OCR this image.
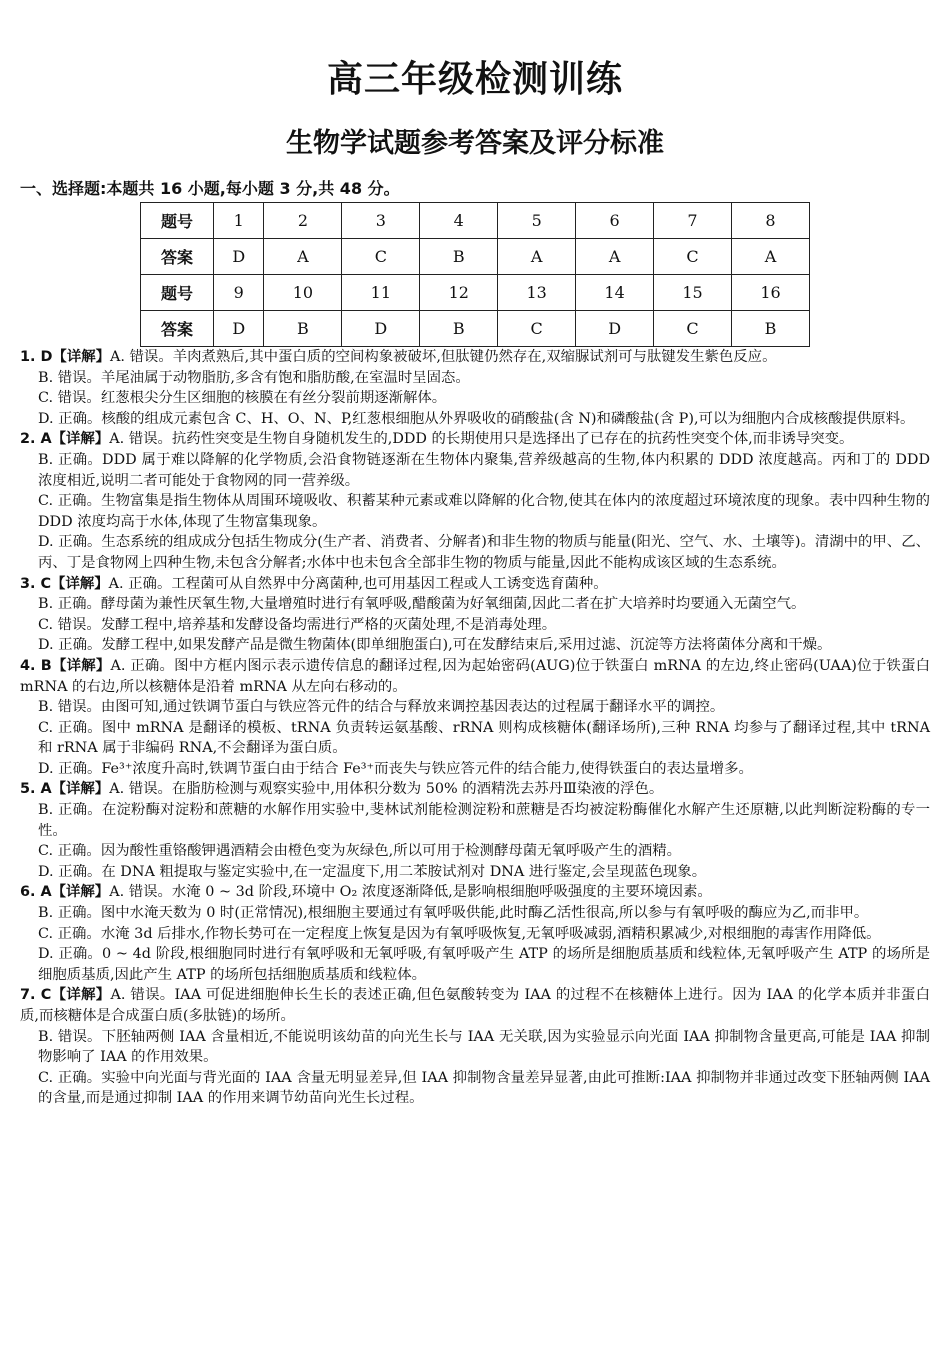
高三年级检测训练
生物学试题参考答案及评分标准
一、选择题:本题共 16 小题,每小题 3 分,共 48 分。
题号	1	2	3	4	5	6	7	8
答案	D	A	C	B	A	A	C	A
题号	9	10	11	12	13	14	15	16
答案	D	B	D	B	C	D	C	B

1. D【详解】A. 错误。羊肉煮熟后,其中蛋白质的空间构象被破坏,但肽键仍然存在,双缩脲试剂可与肽键发生紫色反应。

B. 错误。羊尾油属于动物脂肪,多含有饱和脂肪酸,在室温时呈固态。

C. 错误。红葱根尖分生区细胞的核膜在有丝分裂前期逐渐解体。

D. 正确。核酸的组成元素包含 C、H、O、N、P,红葱根细胞从外界吸收的硝酸盐(含 N)和磷酸盐(含 P),可以为细胞内合成核酸提供原料。

2. A【详解】A. 错误。抗药性突变是生物自身随机发生的,DDD 的长期使用只是选择出了已存在的抗药性突变个体,而非诱导突变。

B. 正确。DDD 属于难以降解的化学物质,会沿食物链逐渐在生物体内聚集,营养级越高的生物,体内积累的 DDD 浓度越高。丙和丁的 DDD 浓度相近,说明二者可能处于食物网的同一营养级。

C. 正确。生物富集是指生物体从周围环境吸收、积蓄某种元素或难以降解的化合物,使其在体内的浓度超过环境浓度的现象。表中四种生物的 DDD 浓度均高于水体,体现了生物富集现象。

D. 正确。生态系统的组成成分包括生物成分(生产者、消费者、分解者)和非生物的物质与能量(阳光、空气、水、土壤等)。清湖中的甲、乙、丙、丁是食物网上四种生物,未包含分解者;水体中也未包含全部非生物的物质与能量,因此不能构成该区域的生态系统。

3. C【详解】A. 正确。工程菌可从自然界中分离菌种,也可用基因工程或人工诱变选育菌种。

B. 正确。酵母菌为兼性厌氧生物,大量增殖时进行有氧呼吸,醋酸菌为好氧细菌,因此二者在扩大培养时均要通入无菌空气。

C. 错误。发酵工程中,培养基和发酵设备均需进行严格的灭菌处理,不是消毒处理。

D. 正确。发酵工程中,如果发酵产品是微生物菌体(即单细胞蛋白),可在发酵结束后,采用过滤、沉淀等方法将菌体分离和干燥。

4. B【详解】A. 正确。图中方框内图示表示遗传信息的翻译过程,因为起始密码(AUG)位于铁蛋白 mRNA 的左边,终止密码(UAA)位于铁蛋白 mRNA 的右边,所以核糖体是沿着 mRNA 从左向右移动的。

B. 错误。由图可知,通过铁调节蛋白与铁应答元件的结合与释放来调控基因表达的过程属于翻译水平的调控。

C. 正确。图中 mRNA 是翻译的模板、tRNA 负责转运氨基酸、rRNA 则构成核糖体(翻译场所),三种 RNA 均参与了翻译过程,其中 tRNA 和 rRNA 属于非编码 RNA,不会翻译为蛋白质。

D. 正确。Fe³⁺浓度升高时,铁调节蛋白由于结合 Fe³⁺而丧失与铁应答元件的结合能力,使得铁蛋白的表达量增多。

5. A【详解】A. 错误。在脂肪检测与观察实验中,用体积分数为 50% 的酒精洗去苏丹Ⅲ染液的浮色。

B. 正确。在淀粉酶对淀粉和蔗糖的水解作用实验中,斐林试剂能检测淀粉和蔗糖是否均被淀粉酶催化水解产生还原糖,以此判断淀粉酶的专一性。

C. 正确。因为酸性重铬酸钾遇酒精会由橙色变为灰绿色,所以可用于检测酵母菌无氧呼吸产生的酒精。

D. 正确。在 DNA 粗提取与鉴定实验中,在一定温度下,用二苯胺试剂对 DNA 进行鉴定,会呈现蓝色现象。

6. A【详解】A. 错误。水淹 0 ~ 3d 阶段,环境中 O₂ 浓度逐渐降低,是影响根细胞呼吸强度的主要环境因素。

B. 正确。图中水淹天数为 0 时(正常情况),根细胞主要通过有氧呼吸供能,此时酶乙活性很高,所以参与有氧呼吸的酶应为乙,而非甲。

C. 正确。水淹 3d 后排水,作物长势可在一定程度上恢复是因为有氧呼吸恢复,无氧呼吸减弱,酒精积累减少,对根细胞的毒害作用降低。

D. 正确。0 ~ 4d 阶段,根细胞同时进行有氧呼吸和无氧呼吸,有氧呼吸产生 ATP 的场所是细胞质基质和线粒体,无氧呼吸产生 ATP 的场所是细胞质基质,因此产生 ATP 的场所包括细胞质基质和线粒体。

7. C【详解】A. 错误。IAA 可促进细胞伸长生长的表述正确,但色氨酸转变为 IAA 的过程不在核糖体上进行。因为 IAA 的化学本质并非蛋白质,而核糖体是合成蛋白质(多肽链)的场所。

B. 错误。下胚轴两侧 IAA 含量相近,不能说明该幼苗的向光生长与 IAA 无关联,因为实验显示向光面 IAA 抑制物含量更高,可能是 IAA 抑制物影响了 IAA 的作用效果。

C. 正确。实验中向光面与背光面的 IAA 含量无明显差异,但 IAA 抑制物含量差异显著,由此可推断:IAA 抑制物并非通过改变下胚轴两侧 IAA 的含量,而是通过抑制 IAA 的作用来调节幼苗向光生长过程。
